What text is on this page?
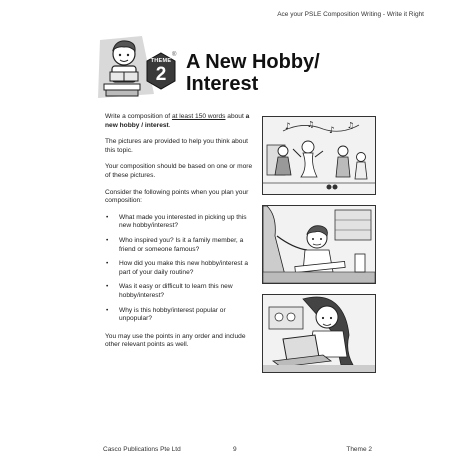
Ace your PSLE Composition Writing - Write it Right
THEME
2
® A New Hobby/
Interest

Write a composition of at least 150 words about a new hobby / interest.

The pictures are provided to help you think about this topic.

Your composition should be based on one or more of these pictures.

Consider the following points when you plan your composition:

• What made you interested in picking up this new hobby/interest?
• Who inspired you? Is it a family member, a friend or someone famous?
• How did you make this new hobby/interest a part of your daily routine?
• Was it easy or difficult to learn this new hobby/interest?
• Why is this hobby/interest popular or unpopular?

You may use the points in any order and include other relevant points as well.

♪ ♫
♪
♫
Casco Publications Pte Ltd	9	Theme 2
